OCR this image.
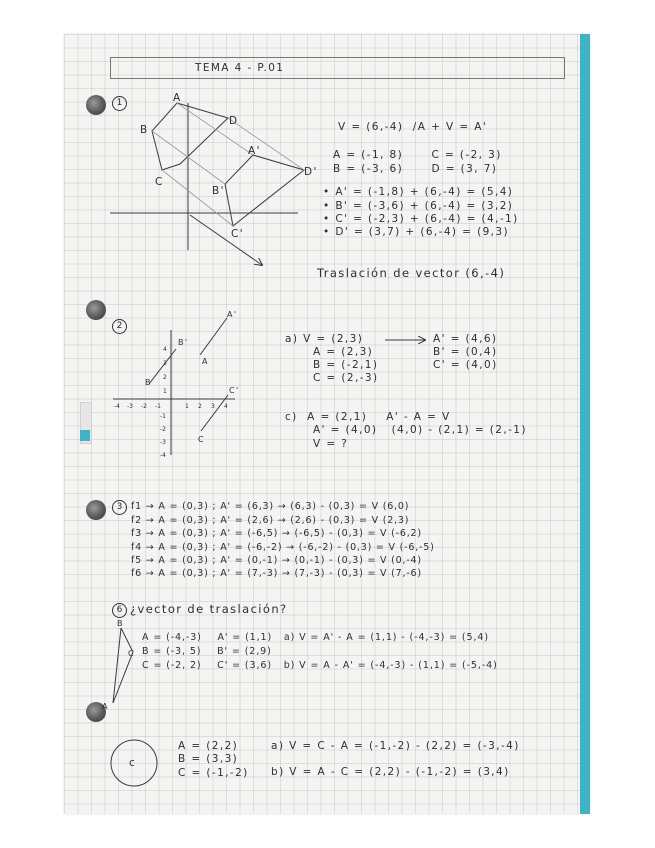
TEMA 4 - P.01

1	A

B

C

D

A'

B'

C'

D'

V = (6,-4)  /A + V = A'

A = (-1, 8)      C = (-2, 3)

B = (-3, 6)      D = (3, 7)

• A' = (-1,8) + (6,-4) = (5,4)

• B' = (-3,6) + (6,-4) = (3,2)

• C' = (-2,3) + (6,-4) = (4,-1)

• D' = (3,7) + (6,-4) = (9,3)

Traslación de vector (6,-4)

2

B'

A'

A

B

C'

C

-4 -3 -2 -1	1 2 3 4

4

3

2

1

-1

-2

-3

-4

a) V = (2,3)

A = (2,3)

B = (-2,1)

C = (2,-3)

A' = (4,6)

B' = (0,4)

C' = (4,0)

c)  A = (2,1)    A' - A = V

A' = (4,0)   (4,0) - (2,1) = (2,-1)

V = ?

3 f1 → A = (0,3) ; A' = (6,3) → (6,3) - (0,3) = V (6,0)

f2 → A = (0,3) ; A' = (2,6) → (2,6) - (0,3) = V (2,3)

f3 → A = (0,3) ; A' = (-6,5) → (-6,5) - (0,3) = V (-6,2)

f4 → A = (0,3) ; A' = (-6,-2) → (-6,-2) - (0,3) = V (-6,-5)

f5 → A = (0,3) ; A' = (0,-1) → (0,-1) - (0,3) = V (0,-4)

f6 → A = (0,3) ; A' = (7,-3) → (7,-3) - (0,3) = V (7,-6)

6 ¿vector de traslación?

B

C

A

A = (-4,-3)    A' = (1,1)   a) V = A' - A = (1,1) - (-4,-3) = (5,4)

B = (-3, 5)    B' = (2,9)

C = (-2, 2)    C' = (3,6)   b) V = A - A' = (-4,-3) - (1,1) = (-5,-4)

c

A = (2,2)

B = (3,3)

C = (-1,-2)

a) V = C - A = (-1,-2) - (2,2) = (-3,-4)

b) V = A - C = (2,2) - (-1,-2) = (3,4)
